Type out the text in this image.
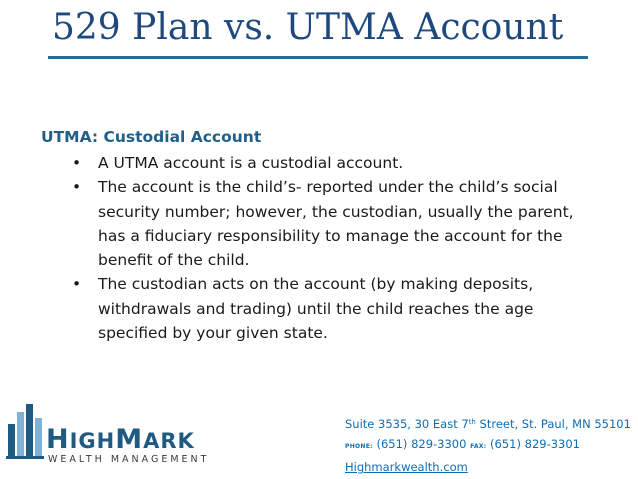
529 Plan vs. UTMA Account
UTMA: Custodial Account
• A UTMA account is a custodial account.
• The account is the child’s- reported under the child’s social security number; however, the custodian, usually the parent, has a fiduciary responsibility to manage the account for the benefit of the child.
• The custodian acts on the account (by making deposits, withdrawals and trading) until the child reaches the age specified by your given state.
HIGHMARK
WEALTH MANAGEMENT
Suite 3535, 30 East 7th Street, St. Paul, MN 55101
PHONE: (651) 829-3300 FAX: (651) 829-3301
Highmarkwealth.com
